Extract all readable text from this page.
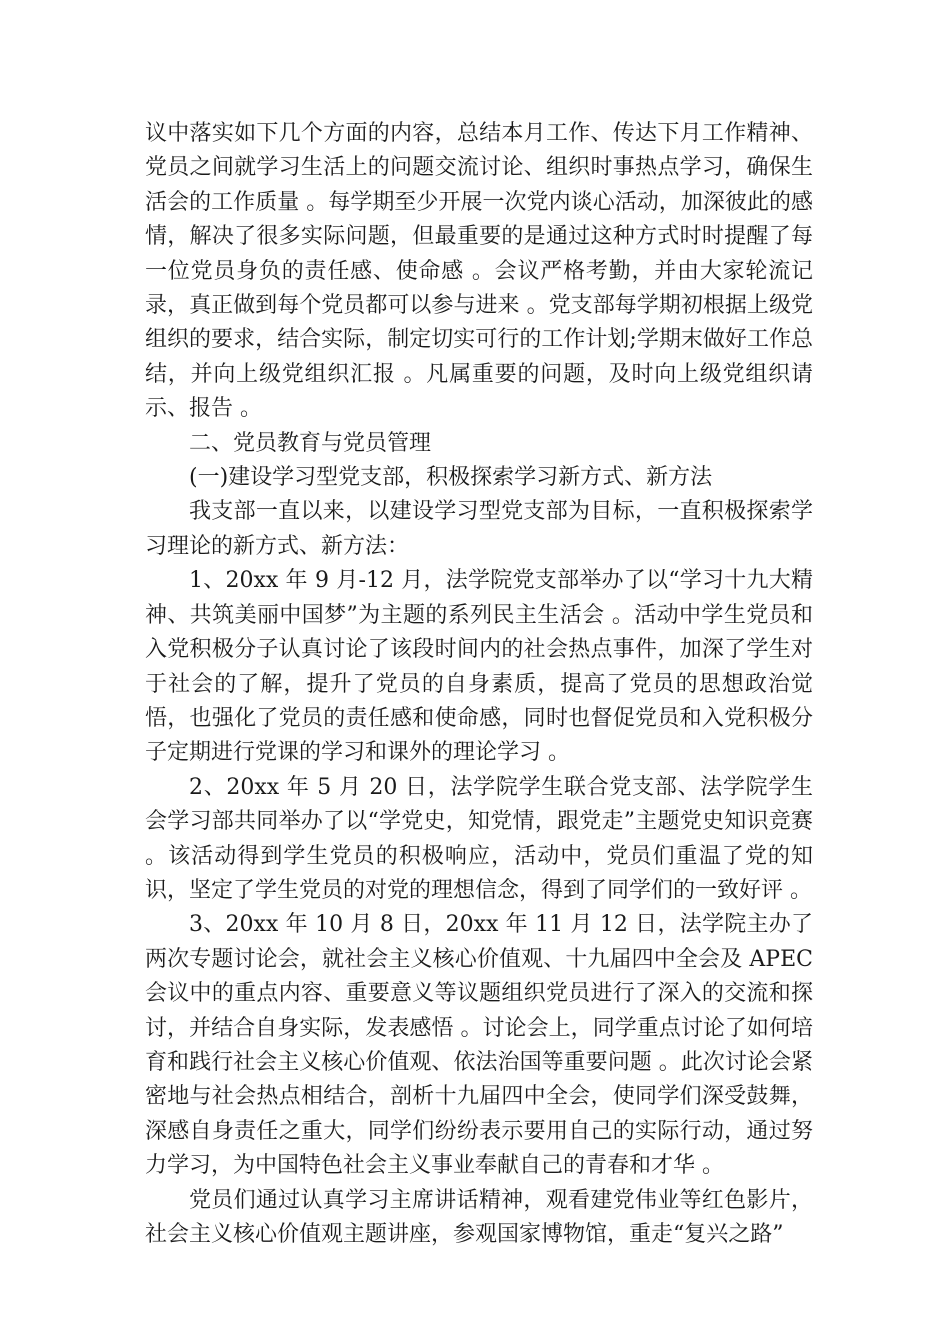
议中落实如下几个方面的内容，总结本月工作、传达下月工作精神、党员之间就学习生活上的问题交流讨论、组织时事热点学习，确保生活会的工作质量 。每学期至少开展一次党内谈心活动，加深彼此的感情，解决了很多实际问题，但最重要的是通过这种方式时时提醒了每一位党员身负的责任感、使命感 。会议严格考勤，并由大家轮流记录，真正做到每个党员都可以参与进来 。党支部每学期初根据上级党组织的要求，结合实际，制定切实可行的工作计划;学期末做好工作总结，并向上级党组织汇报 。凡属重要的问题，及时向上级党组织请示、报告 。

二、党员教育与党员管理

(一)建设学习型党支部，积极探索学习新方式、新方法

我支部一直以来，以建设学习型党支部为目标，一直积极探索学习理论的新方式、新方法：

1、20xx 年 9 月-12 月，法学院党支部举办了以“学习十九大精神、共筑美丽中国梦”为主题的系列民主生活会 。活动中学生党员和入党积极分子认真讨论了该段时间内的社会热点事件，加深了学生对于社会的了解，提升了党员的自身素质，提高了党员的思想政治觉悟，也强化了党员的责任感和使命感，同时也督促党员和入党积极分子定期进行党课的学习和课外的理论学习 。

2、20xx 年 5 月 20 日，法学院学生联合党支部、法学院学生会学习部共同举办了以“学党史，知党情，跟党走”主题党史知识竞赛 。该活动得到学生党员的积极响应，活动中，党员们重温了党的知识，坚定了学生党员的对党的理想信念，得到了同学们的一致好评 。

3、20xx 年 10 月 8 日，20xx 年 11 月 12 日，法学院主办了两次专题讨论会，就社会主义核心价值观、十九届四中全会及 APEC 会议中的重点内容、重要意义等议题组织党员进行了深入的交流和探讨，并结合自身实际，发表感悟 。讨论会上，同学重点讨论了如何培育和践行社会主义核心价值观、依法治国等重要问题 。此次讨论会紧密地与社会热点相结合，剖析十九届四中全会，使同学们深受鼓舞，深感自身责任之重大，同学们纷纷表示要用自己的实际行动，通过努力学习，为中国特色社会主义事业奉献自己的青春和才华 。

党员们通过认真学习主席讲话精神，观看建党伟业等红色影片，社会主义核心价值观主题讲座，参观国家博物馆，重走“复兴之路”
